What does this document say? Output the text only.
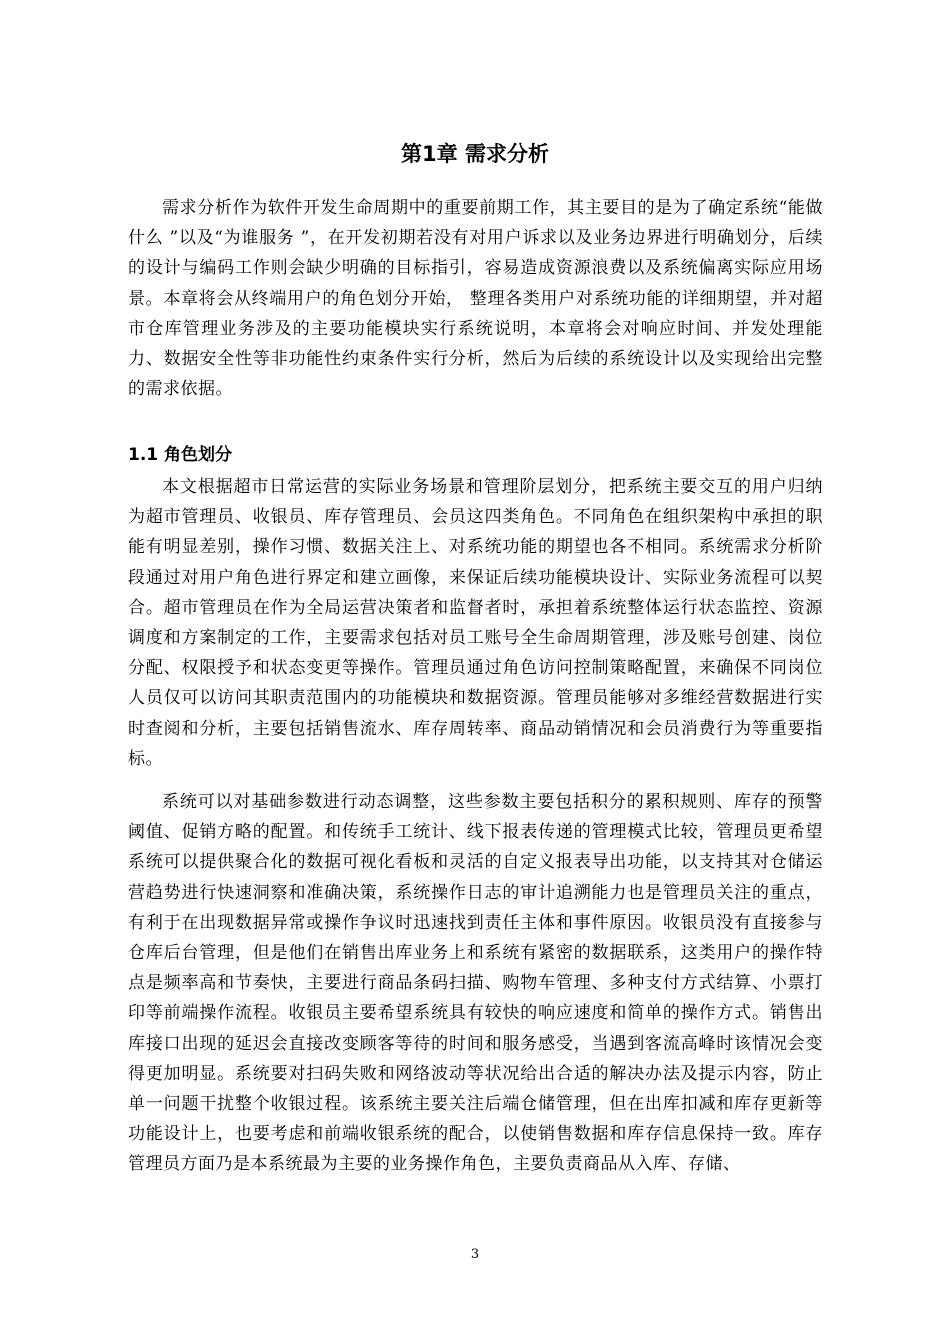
第1章 需求分析

需求分析作为软件开发生命周期中的重要前期工作，其主要目的是为了确定系统“能做什么 ”以及“为谁服务 ”，在开发初期若没有对用户诉求以及业务边界进行明确划分，后续的设计与编码工作则会缺少明确的目标指引，容易造成资源浪费以及系统偏离实际应用场景。本章将会从终端用户的角色划分开始， 整理各类用户对系统功能的详细期望，并对超市仓库管理业务涉及的主要功能模块实行系统说明，本章将会对响应时间、并发处理能力、数据安全性等非功能性约束条件实行分析，然后为后续的系统设计以及实现给出完整的需求依据。

1.1 角色划分

本文根据超市日常运营的实际业务场景和管理阶层划分，把系统主要交互的用户归纳为超市管理员、收银员、库存管理员、会员这四类角色。不同角色在组织架构中承担的职能有明显差别，操作习惯、数据关注上、对系统功能的期望也各不相同。系统需求分析阶段通过对用户角色进行界定和建立画像，来保证后续功能模块设计、实际业务流程可以契合。超市管理员在作为全局运营决策者和监督者时，承担着系统整体运行状态监控、资源调度和方案制定的工作，主要需求包括对员工账号全生命周期管理，涉及账号创建、岗位分配、权限授予和状态变更等操作。管理员通过角色访问控制策略配置，来确保不同岗位人员仅可以访问其职责范围内的功能模块和数据资源。管理员能够对多维经营数据进行实时查阅和分析，主要包括销售流水、库存周转率、商品动销情况和会员消费行为等重要指标。

系统可以对基础参数进行动态调整，这些参数主要包括积分的累积规则、库存的预警阈值、促销方略的配置。和传统手工统计、线下报表传递的管理模式比较，管理员更希望系统可以提供聚合化的数据可视化看板和灵活的自定义报表导出功能，以支持其对仓储运营趋势进行快速洞察和准确决策，系统操作日志的审计追溯能力也是管理员关注的重点，有利于在出现数据异常或操作争议时迅速找到责任主体和事件原因。收银员没有直接参与仓库后台管理，但是他们在销售出库业务上和系统有紧密的数据联系，这类用户的操作特点是频率高和节奏快，主要进行商品条码扫描、购物车管理、多种支付方式结算、小票打印等前端操作流程。收银员主要希望系统具有较快的响应速度和简单的操作方式。销售出库接口出现的延迟会直接改变顾客等待的时间和服务感受，当遇到客流高峰时该情况会变得更加明显。系统要对扫码失败和网络波动等状况给出合适的解决办法及提示内容，防止单一问题干扰整个收银过程。该系统主要关注后端仓储管理，但在出库扣减和库存更新等功能设计上，也要考虑和前端收银系统的配合，以使销售数据和库存信息保持一致。库存管理员方面乃是本系统最为主要的业务操作角色，主要负责商品从入库、存储、

3
